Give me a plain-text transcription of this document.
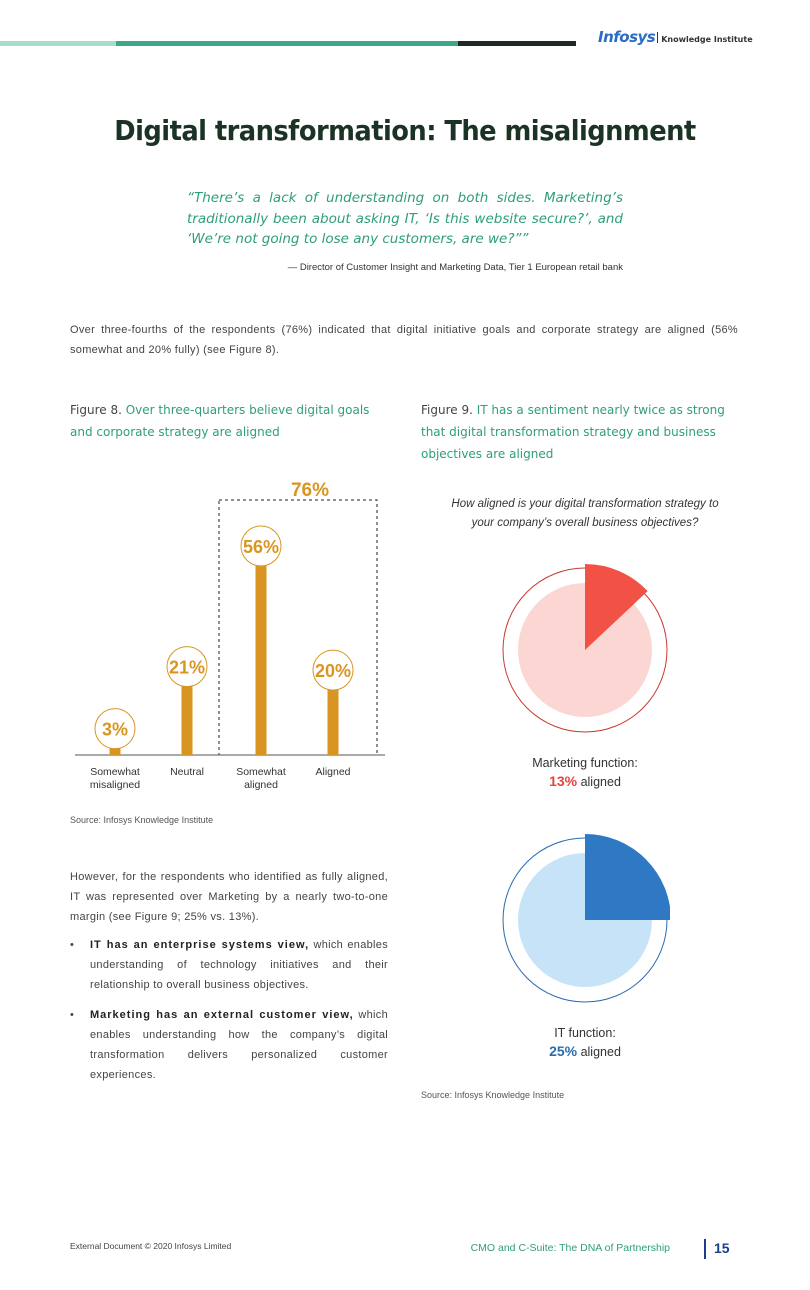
Infosys Knowledge Institute
Digital transformation: The misalignment
“There’s a lack of understanding on both sides. Marketing’s traditionally been about asking IT, ‘Is this website secure?’, and ‘We’re not going to lose any customers, are we?””
— Director of Customer Insight and Marketing Data, Tier 1 European retail bank
Over three-fourths of the respondents (76%) indicated that digital initiative goals and corporate strategy are aligned (56% somewhat and 20% fully) (see Figure 8).
Figure 8. Over three-quarters believe digital goals and corporate strategy are aligned
Figure 9. IT has a sentiment nearly twice as strong that digital transformation strategy and business objectives are aligned
76%
3%
Somewhat
misaligned
21%
Neutral
56%
Somewhat
aligned
20%
Aligned
Source: Infosys Knowledge Institute
How aligned is your digital transformation strategy to your company’s overall business objectives?
Marketing function:
13% aligned
IT function:
25% aligned
Source: Infosys Knowledge Institute
However, for the respondents who identified as fully aligned, IT was represented over Marketing by a nearly two-to-one margin (see Figure 9; 25% vs. 13%).
• IT has an enterprise systems view, which enables understanding of technology initiatives and their relationship to overall business objectives.
• Marketing has an external customer view, which enables understanding how the company’s digital transformation delivers personalized customer experiences.
External Document © 2020 Infosys Limited	CMO and C-Suite: The DNA of Partnership	15
